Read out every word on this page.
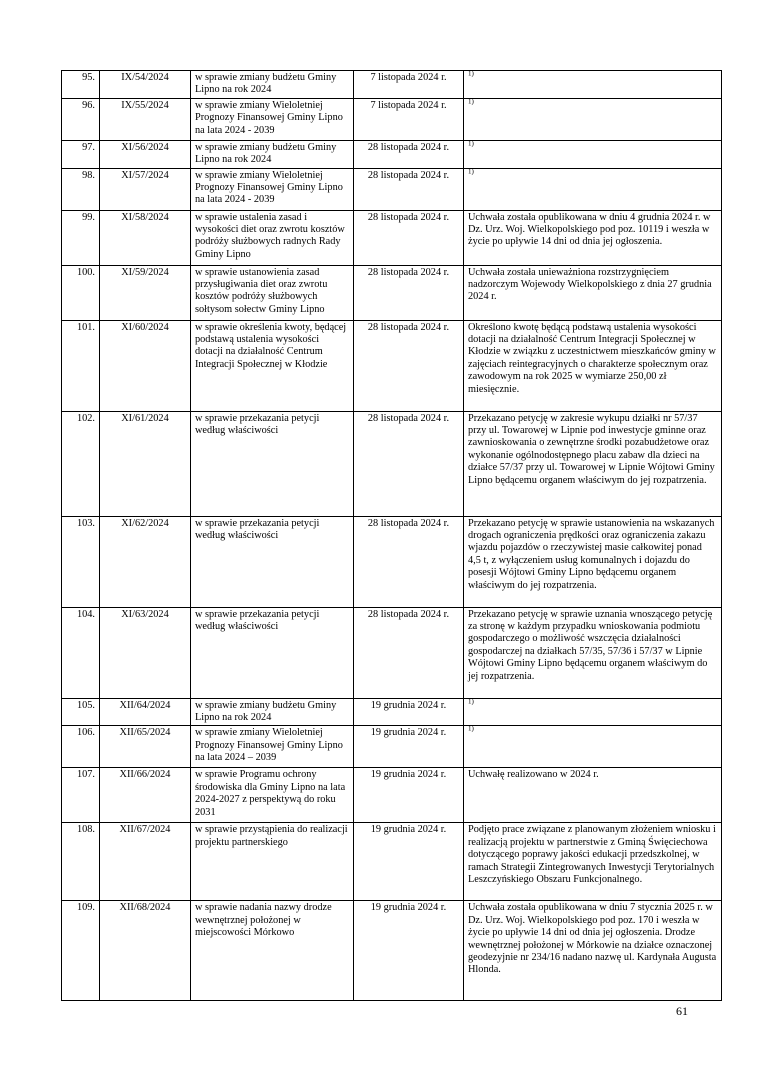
95.	IX/54/2024	w sprawie zmiany budżetu Gminy Lipno na rok 2024	7 listopada 2024 r.	$^{1)}$
96.	IX/55/2024	w sprawie zmiany Wieloletniej Prognozy Finansowej Gminy Lipno na lata 2024 - 2039	7 listopada 2024 r.	$^{1)}$
97.	XI/56/2024	w sprawie zmiany budżetu Gminy Lipno na rok 2024	28 listopada 2024 r.	$^{1)}$
98.	XI/57/2024	w sprawie zmiany Wieloletniej Prognozy Finansowej Gminy Lipno na lata 2024 - 2039	28 listopada 2024 r.	$^{1)}$
99.	XI/58/2024	w sprawie ustalenia zasad i wysokości diet oraz zwrotu kosztów podróży służbowych radnych Rady Gminy Lipno	28 listopada 2024 r.	Uchwała została opublikowana w dniu 4 grudnia 2024 r. w Dz. Urz. Woj. Wielkopolskiego pod poz. 10119 i weszła w życie po upływie 14 dni od dnia jej ogłoszenia.
100.	XI/59/2024	w sprawie ustanowienia zasad przysługiwania diet oraz zwrotu kosztów podróży służbowych sołtysom sołectw Gminy Lipno	28 listopada 2024 r.	Uchwała została unieważniona rozstrzygnięciem nadzorczym Wojewody Wielkopolskiego z dnia 27 grudnia 2024 r.
101.	XI/60/2024	w sprawie określenia kwoty, będącej podstawą ustalenia wysokości dotacji na działalność Centrum Integracji Społecznej w Kłodzie	28 listopada 2024 r.	Określono kwotę będącą podstawą ustalenia wysokości dotacji na działalność Centrum Integracji Społecznej w Kłodzie w związku z uczestnictwem mieszkańców gminy w zajęciach reintegracyjnych o charakterze społecznym oraz zawodowym na rok 2025 w wymiarze 250,00 zł miesięcznie.
102.	XI/61/2024	w sprawie przekazania petycji według właściwości	28 listopada 2024 r.	Przekazano petycję w zakresie wykupu działki nr 57/37 przy ul. Towarowej w Lipnie pod inwestycje gminne oraz zawnioskowania o zewnętrzne środki pozabudżetowe oraz wykonanie ogólnodostępnego placu zabaw dla dzieci na działce 57/37 przy ul. Towarowej w Lipnie Wójtowi Gminy Lipno będącemu organem właściwym do jej rozpatrzenia.
103.	XI/62/2024	w sprawie przekazania petycji według właściwości	28 listopada 2024 r.	Przekazano petycję w sprawie ustanowienia na wskazanych drogach ograniczenia prędkości oraz ograniczenia zakazu wjazdu pojazdów o rzeczywistej masie całkowitej ponad 4,5 t, z wyłączeniem usług komunalnych i dojazdu do posesji Wójtowi Gminy Lipno będącemu organem właściwym do jej rozpatrzenia.
104.	XI/63/2024	w sprawie przekazania petycji według właściwości	28 listopada 2024 r.	Przekazano petycję w sprawie uznania wnoszącego petycję za stronę w każdym przypadku wnioskowania podmiotu gospodarczego o możliwość wszczęcia działalności gospodarczej na działkach 57/35, 57/36 i 57/37 w Lipnie Wójtowi Gminy Lipno będącemu organem właściwym do jej rozpatrzenia.
105.	XII/64/2024	w sprawie zmiany budżetu Gminy Lipno na rok 2024	19 grudnia 2024 r.	$^{1)}$
106.	XII/65/2024	w sprawie zmiany Wieloletniej Prognozy Finansowej Gminy Lipno na lata 2024 – 2039	19 grudnia 2024 r.	$^{1)}$
107.	XII/66/2024	w sprawie Programu ochrony środowiska dla Gminy Lipno na lata 2024-2027 z perspektywą do roku 2031	19 grudnia 2024 r.	Uchwałę realizowano w 2024 r.
108.	XII/67/2024	w sprawie przystąpienia do realizacji projektu partnerskiego	19 grudnia 2024 r.	Podjęto prace związane z planowanym złożeniem wniosku i realizacją projektu w partnerstwie z Gminą Święciechowa dotyczącego poprawy jakości edukacji przedszkolnej, w ramach Strategii Zintegrowanych Inwestycji Terytorialnych Leszczyńskiego Obszaru Funkcjonalnego.
109.	XII/68/2024	w sprawie nadania nazwy drodze wewnętrznej położonej w miejscowości Mórkowo	19 grudnia 2024 r.	Uchwała została opublikowana w dniu 7 stycznia 2025 r. w Dz. Urz. Woj. Wielkopolskiego pod poz. 170 i weszła w życie po upływie 14 dni od dnia jej ogłoszenia. Drodze wewnętrznej położonej w Mórkowie na działce oznaczonej geodezyjnie nr 234/16 nadano nazwę ul. Kardynała Augusta Hlonda.
61
